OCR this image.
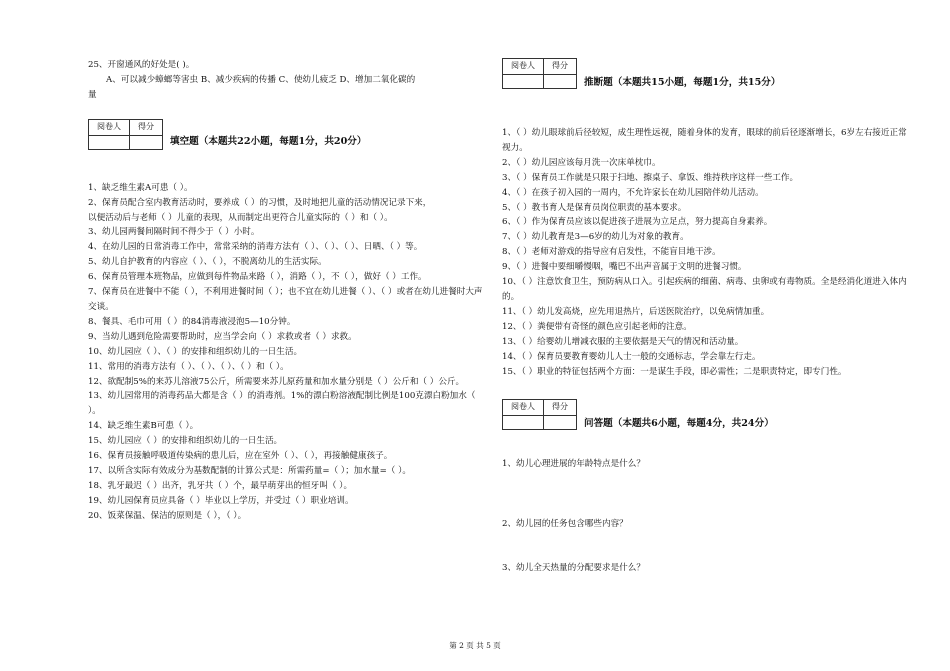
25、开窗通风的好处是( )。

A、可以减少蟑螂等害虫 B、减少疾病的传播 C、使幼儿疲乏 D、增加二氧化碳的

量

阅卷人	得分

填空题（本题共22小题，每题1分，共20分）

1、缺乏维生素A可患（ ）。

2、保育员配合室内教育活动时，要养成（ ）的习惯，及时地把儿童的活动情况记录下来，

以便活动后与老师（ ）儿童的表现，从而制定出更符合儿童实际的（ ）和（ ）。

3、幼儿园两餐间隔时间不得少于（ ）小时。

4、在幼儿园的日常消毒工作中，常常采纳的消毒方法有（ ）、（ ）、（ ）、日晒、（ ）等。

5、幼儿自护教育的内容应（ ）、（ ），不脱离幼儿的生活实际。

6、保育员管理本班物品，应做到每件物品来路（ ），消路（ ），不（ ），做好（ ）工作。

7、保育员在进餐中不能（ ），不利用进餐时间（ ）；也不宜在幼儿进餐（ ）、（ ）或者在幼儿进餐时大声交谈。

8、餐具、毛巾可用（ ）的84消毒液浸泡5—10分钟。

9、当幼儿遇到危险需要帮助时，应当学会向（ ）求救或者（ ）求救。

10、幼儿园应（ ）、（ ）的安排和组织幼儿的一日生活。

11、常用的消毒方法有（ ）、（ ）、（ ）、（ ）和（ ）。

12、欲配制5%的来苏儿溶液75公斤，所需要来苏儿原药量和加水量分别是（ ）公斤和（ ）公斤。

13、幼儿园常用的消毒药品大都是含（ ）的消毒剂。1%的漂白粉溶液配制比例是100克漂白粉加水（ ）。

14、缺乏维生素B可患（ ）。

15、幼儿园应（ ）的安排和组织幼儿的一日生活。

16、保育员接触呼吸道传染病的患儿后，应在室外（ ）、（ ），再接触健康孩子。

17、以所含实际有效成分为基数配制的计算公式是：所需药量=（ ）；加水量=（ ）。

18、乳牙最迟（ ）出齐，乳牙共（ ）个，最早萌芽出的恒牙叫（ ）。

19、幼儿园保育员应具备（ ）毕业以上学历，并受过（ ）职业培训。

20、饭菜保温、保洁的原则是（ ），（ ）。

阅卷人	得分

推断题（本题共15小题，每题1分，共15分）

1、（ ）幼儿眼球前后径较短，成生理性远视，随着身体的发育，眼球的前后径逐渐增长，6岁左右接近正常视力。

2、（ ）幼儿园应该每月洗一次床单枕巾。

3、（ ）保育员工作就是只限于扫地、擦桌子、拿饭、维持秩序这样一些工作。

4、（ ）在孩子初入园的一周内，不允许家长在幼儿园陪伴幼儿活动。

5、（ ）教书育人是保育员岗位职责的基本要求。

6、（ ）作为保育员应该以促进孩子进展为立足点，努力提高自身素养。

7、（ ）幼儿教育是3—6岁的幼儿为对象的教育。

8、（ ）老师对游戏的指导应有启发性，不能盲目地干涉。

9、（ ）进餐中要细嚼慢咽，嘴巴不出声音属于文明的进餐习惯。

10、（ ）注意饮食卫生，预防病从口入。引起疾病的细菌、病毒、虫卵或有毒物质。全是经消化道进入体内的。

11、（ ）幼儿发高烧，应先用退热片，后送医院治疗，以免病情加重。

12、（ ）粪便带有奇怪的颜色应引起老师的注意。

13、（ ）给婴幼儿增减衣服的主要依据是天气的情况和活动量。

14、（ ）保育员要教育婴幼儿人士一般的交通标志，学会靠左行走。

15、（ ）职业的特征包括两个方面：一是谋生手段，即必需性；二是职责特定，即专门性。

阅卷人	得分

问答题（本题共6小题，每题4分，共24分）

1、幼儿心理进展的年龄特点是什么？

2、幼儿园的任务包含哪些内容？

3、幼儿全天热量的分配要求是什么？

第 2 页 共 5 页
